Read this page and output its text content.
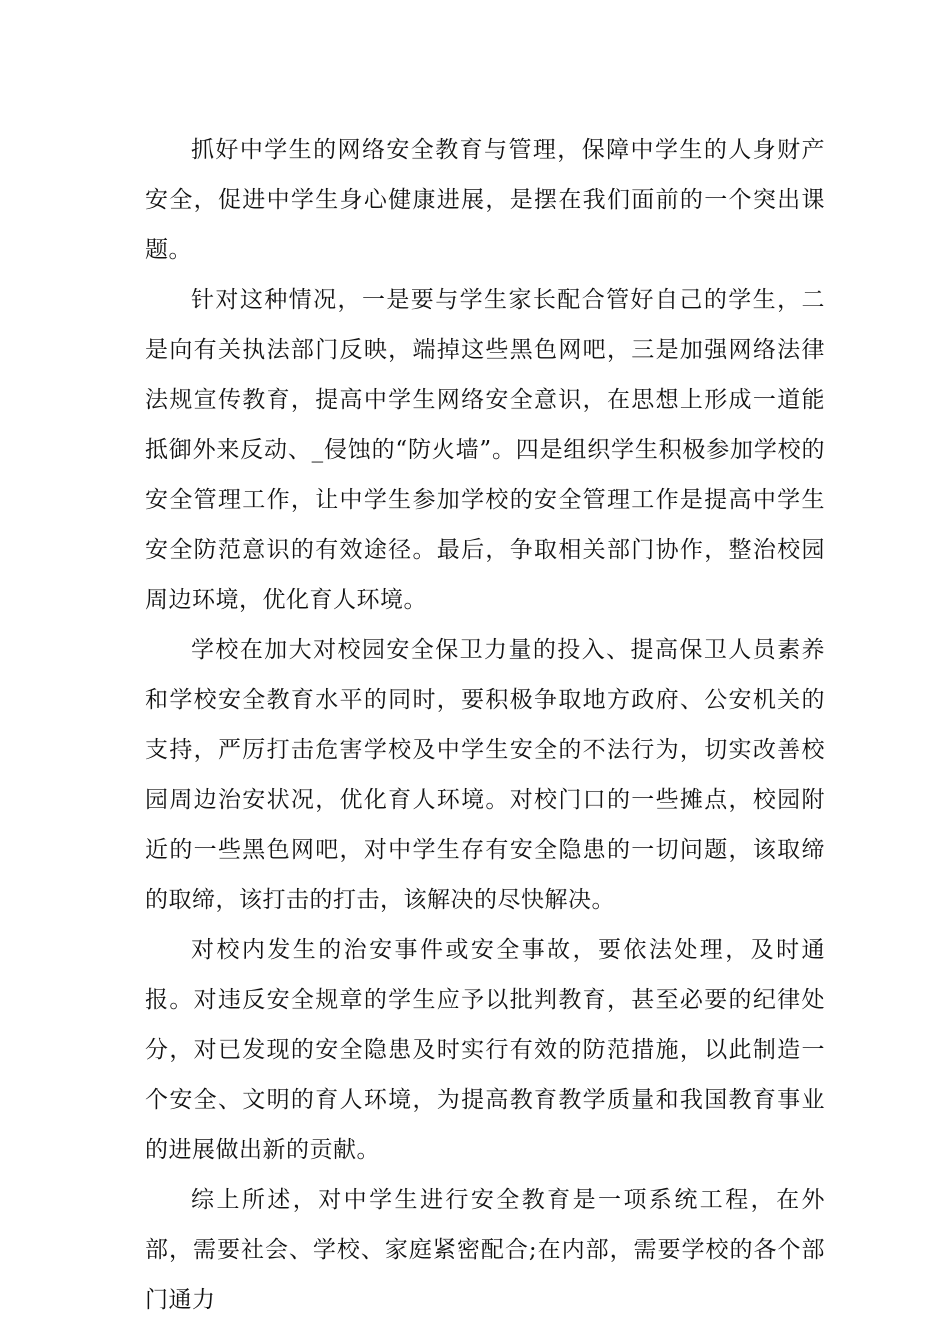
抓好中学生的网络安全教育与管理，保障中学生的人身财产安全，促进中学生身心健康进展，是摆在我们面前的一个突出课题。

针对这种情况，一是要与学生家长配合管好自己的学生，二是向有关执法部门反映，端掉这些黑色网吧，三是加强网络法律法规宣传教育，提高中学生网络安全意识，在思想上形成一道能抵御外来反动、_侵蚀的“防火墙”。四是组织学生积极参加学校的安全管理工作，让中学生参加学校的安全管理工作是提高中学生安全防范意识的有效途径。最后，争取相关部门协作，整治校园周边环境，优化育人环境。

学校在加大对校园安全保卫力量的投入、提高保卫人员素养和学校安全教育水平的同时，要积极争取地方政府、公安机关的支持，严厉打击危害学校及中学生安全的不法行为，切实改善校园周边治安状况，优化育人环境。对校门口的一些摊点，校园附近的一些黑色网吧，对中学生存有安全隐患的一切问题，该取缔的取缔，该打击的打击，该解决的尽快解决。

对校内发生的治安事件或安全事故，要依法处理，及时通报。对违反安全规章的学生应予以批判教育，甚至必要的纪律处分，对已发现的安全隐患及时实行有效的防范措施，以此制造一个安全、文明的育人环境，为提高教育教学质量和我国教育事业的进展做出新的贡献。

综上所述，对中学生进行安全教育是一项系统工程，在外部，需要社会、学校、家庭紧密配合;在内部，需要学校的各个部门通力
